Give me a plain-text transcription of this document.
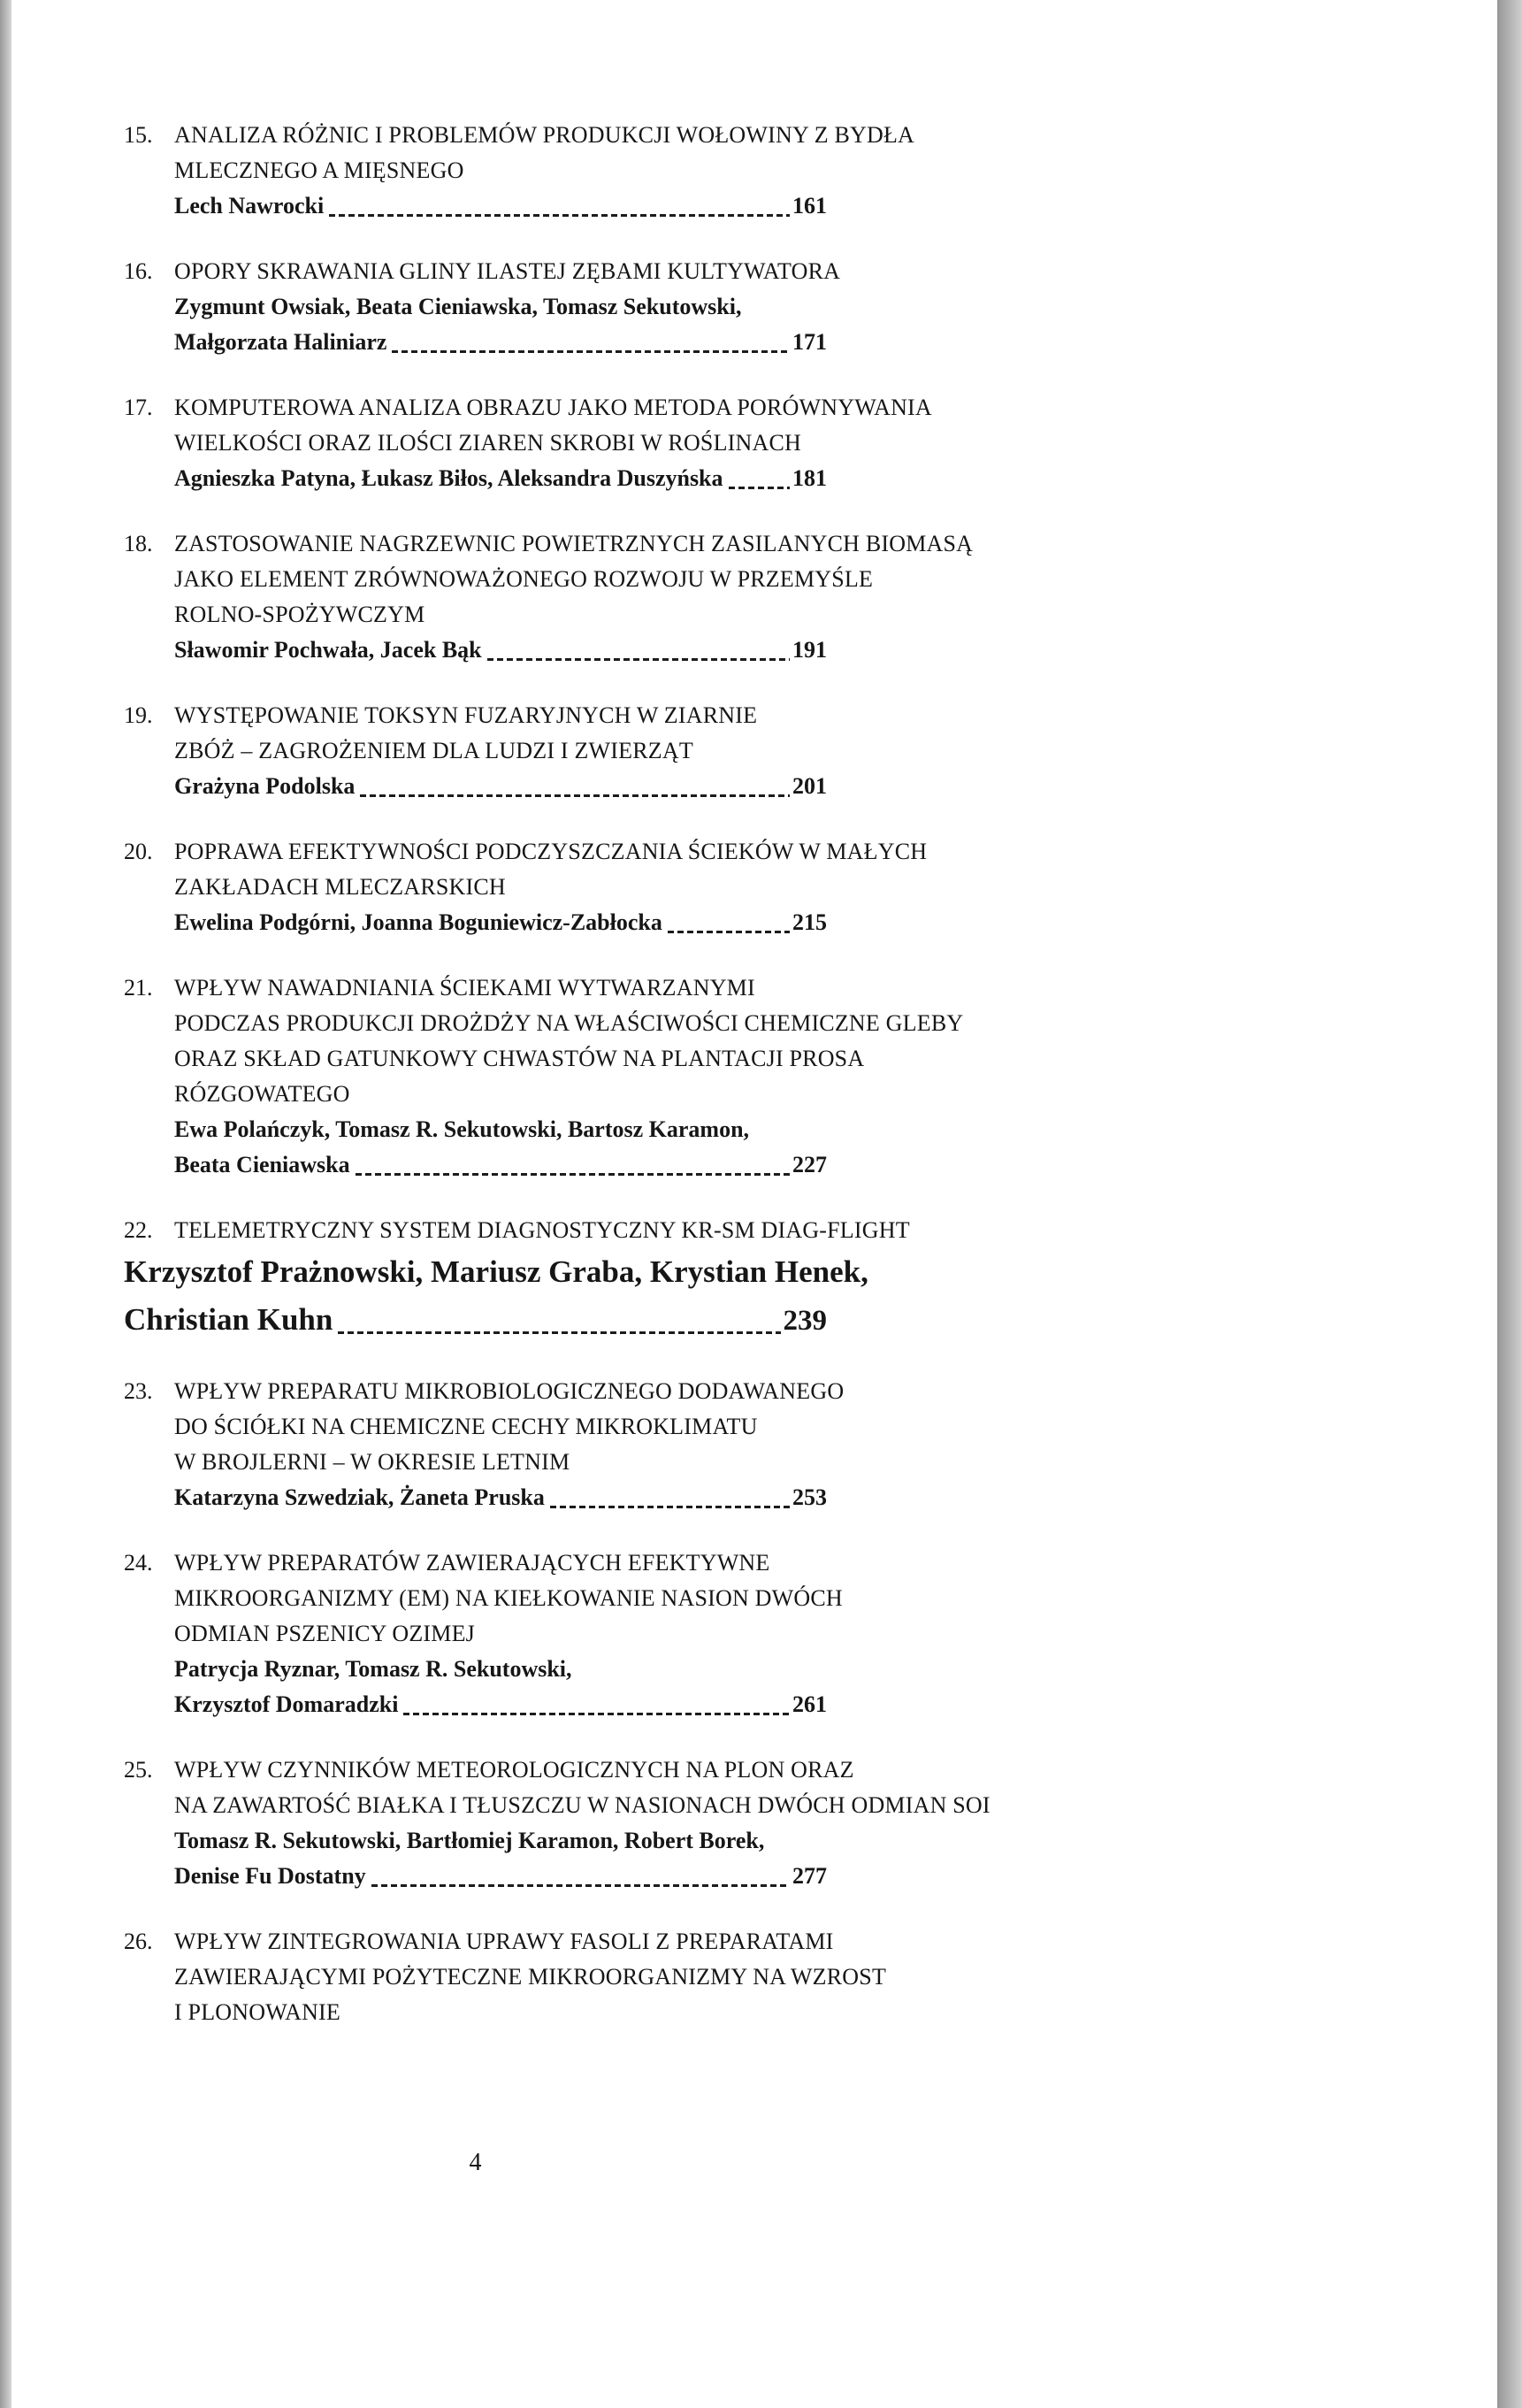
15. ANALIZA RÓŻNIC I PROBLEMÓW PRODUKCJI WOŁOWINY Z BYDŁA
MLECZNEGO A MIĘSNEGO
Lech Nawrocki	161
16. OPORY SKRAWANIA GLINY ILASTEJ ZĘBAMI KULTYWATORA
Zygmunt Owsiak, Beata Cieniawska, Tomasz Sekutowski,
Małgorzata Haliniarz	171
17. KOMPUTEROWA ANALIZA OBRAZU JAKO METODA PORÓWNYWANIA
WIELKOŚCI ORAZ ILOŚCI ZIAREN SKROBI W ROŚLINACH
Agnieszka Patyna, Łukasz Biłos, Aleksandra Duszyńska	181
18. ZASTOSOWANIE NAGRZEWNIC POWIETRZNYCH ZASILANYCH BIOMASĄ
JAKO ELEMENT ZRÓWNOWAŻONEGO ROZWOJU W PRZEMYŚLE
ROLNO-SPOŻYWCZYM
Sławomir Pochwała, Jacek Bąk	191
19. WYSTĘPOWANIE TOKSYN FUZARYJNYCH W ZIARNIE
ZBÓŻ – ZAGROŻENIEM DLA LUDZI I ZWIERZĄT
Grażyna Podolska	201
20. POPRAWA EFEKTYWNOŚCI PODCZYSZCZANIA ŚCIEKÓW W MAŁYCH
ZAKŁADACH MLECZARSKICH
Ewelina Podgórni, Joanna Boguniewicz-Zabłocka	215
21. WPŁYW NAWADNIANIA ŚCIEKAMI WYTWARZANYMI
PODCZAS PRODUKCJI DROŻDŻY NA WŁAŚCIWOŚCI CHEMICZNE GLEBY
ORAZ SKŁAD GATUNKOWY CHWASTÓW NA PLANTACJI PROSA
RÓZGOWATEGO
Ewa Polańczyk, Tomasz R. Sekutowski, Bartosz Karamon,
Beata Cieniawska	227
22. TELEMETRYCZNY SYSTEM DIAGNOSTYCZNY KR-SM DIAG-FLIGHT
Krzysztof Prażnowski, Mariusz Graba, Krystian Henek,
Christian Kuhn	239
23. WPŁYW PREPARATU MIKROBIOLOGICZNEGO DODAWANEGO
DO ŚCIÓŁKI NA CHEMICZNE CECHY MIKROKLIMATU
W BROJLERNI – W OKRESIE LETNIM
Katarzyna Szwedziak, Żaneta Pruska	253
24. WPŁYW PREPARATÓW ZAWIERAJĄCYCH EFEKTYWNE
MIKROORGANIZMY (EM) NA KIEŁKOWANIE NASION DWÓCH
ODMIAN PSZENICY OZIMEJ
Patrycja Ryznar, Tomasz R. Sekutowski,
Krzysztof Domaradzki	261
25. WPŁYW CZYNNIKÓW METEOROLOGICZNYCH NA PLON ORAZ
NA ZAWARTOŚĆ BIAŁKA I TŁUSZCZU W NASIONACH DWÓCH ODMIAN SOI
Tomasz R. Sekutowski, Bartłomiej Karamon, Robert Borek,
Denise Fu Dostatny	277
26. WPŁYW ZINTEGROWANIA UPRAWY FASOLI Z PREPARATAMI
ZAWIERAJĄCYMI POŻYTECZNE MIKROORGANIZMY NA WZROST
I PLONOWANIE
4
